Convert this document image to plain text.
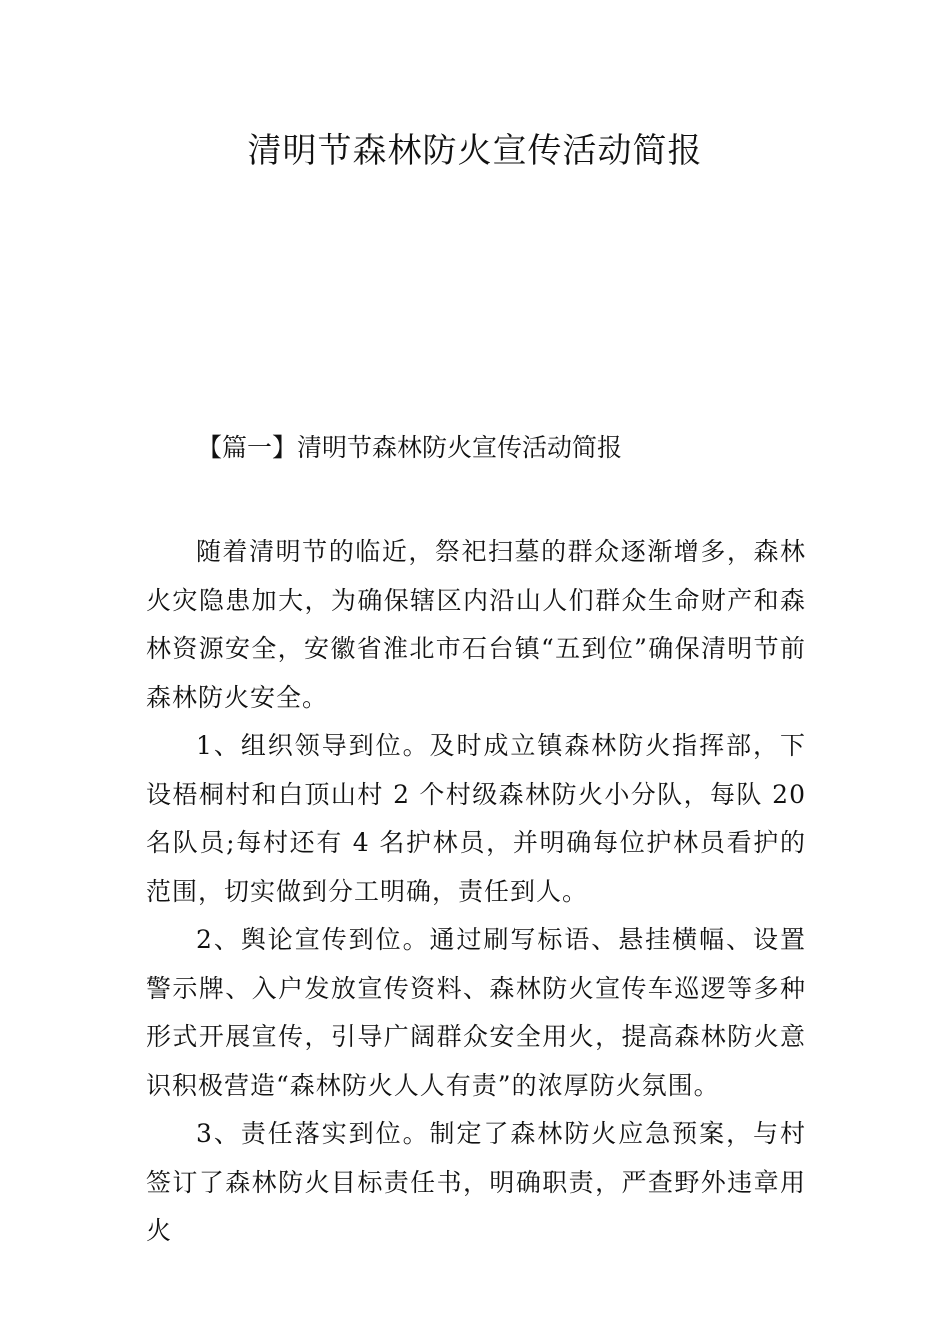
清明节森林防火宣传活动简报
【篇一】清明节森林防火宣传活动简报

随着清明节的临近，祭祀扫墓的群众逐渐增多，森林火灾隐患加大，为确保辖区内沿山人们群众生命财产和森林资源安全，安徽省淮北市石台镇“五到位”确保清明节前森林防火安全。

1、组织领导到位。及时成立镇森林防火指挥部，下设梧桐村和白顶山村 2 个村级森林防火小分队，每队 20 名队员;每村还有 4 名护林员，并明确每位护林员看护的范围，切实做到分工明确，责任到人。

2、舆论宣传到位。通过刷写标语、悬挂横幅、设置警示牌、入户发放宣传资料、森林防火宣传车巡逻等多种形式开展宣传，引导广阔群众安全用火，提高森林防火意识积极营造“森林防火人人有责”的浓厚防火氛围。

3、责任落实到位。制定了森林防火应急预案，与村签订了森林防火目标责任书，明确职责，严查野外违章用火
